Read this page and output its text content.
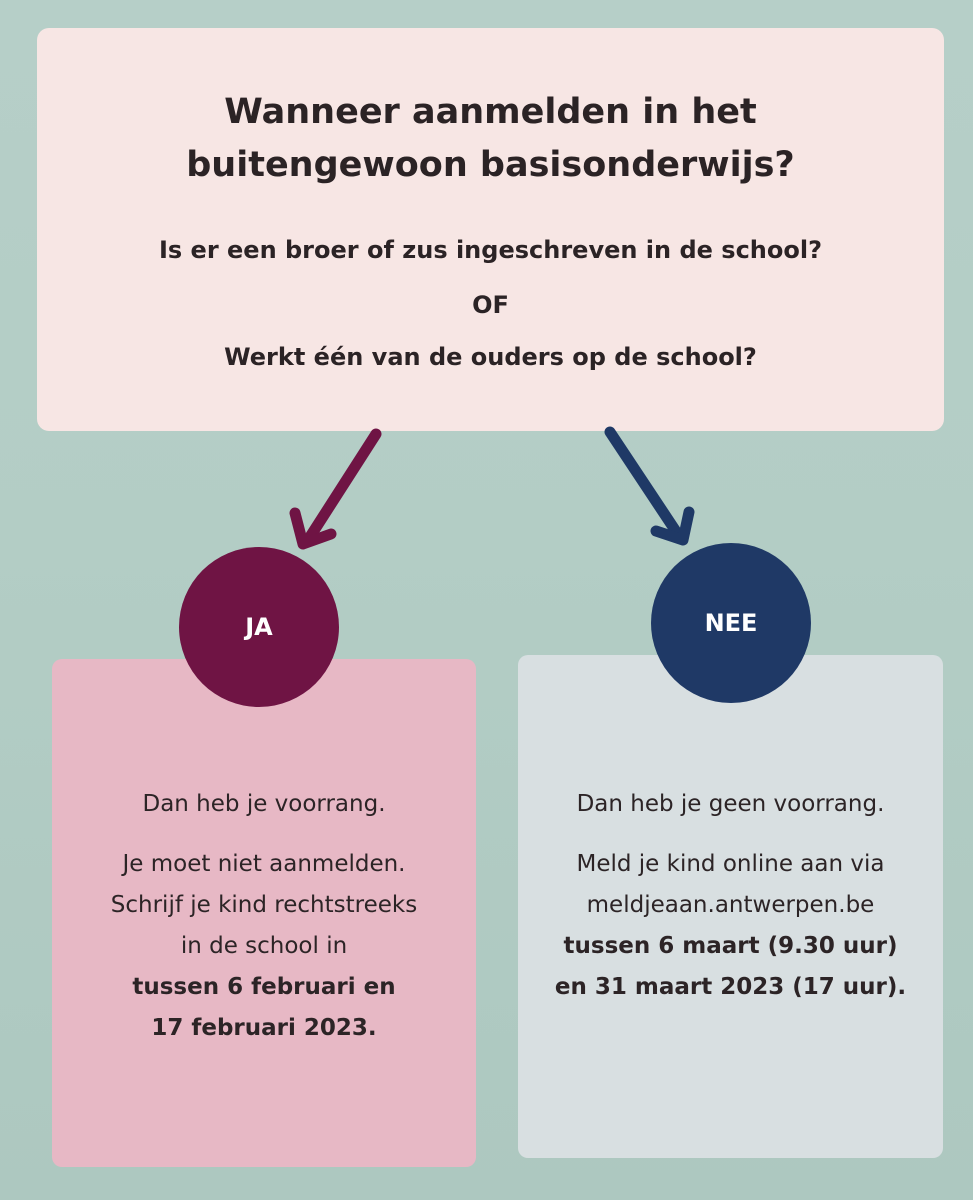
Wanneer aanmelden in het
buitengewoon basisonderwijs?
Is er een broer of zus ingeschreven in de school?
OF
Werkt één van de ouders op de school?
JA	NEE
Dan heb je voorrang.
Je moet niet aanmelden.
Schrijf je kind rechtstreeks
in de school in
tussen 6 februari en
17 februari 2023.
Dan heb je geen voorrang.
Meld je kind online aan via
meldjeaan.antwerpen.be
tussen 6 maart (9.30 uur)
en 31 maart 2023 (17 uur).
